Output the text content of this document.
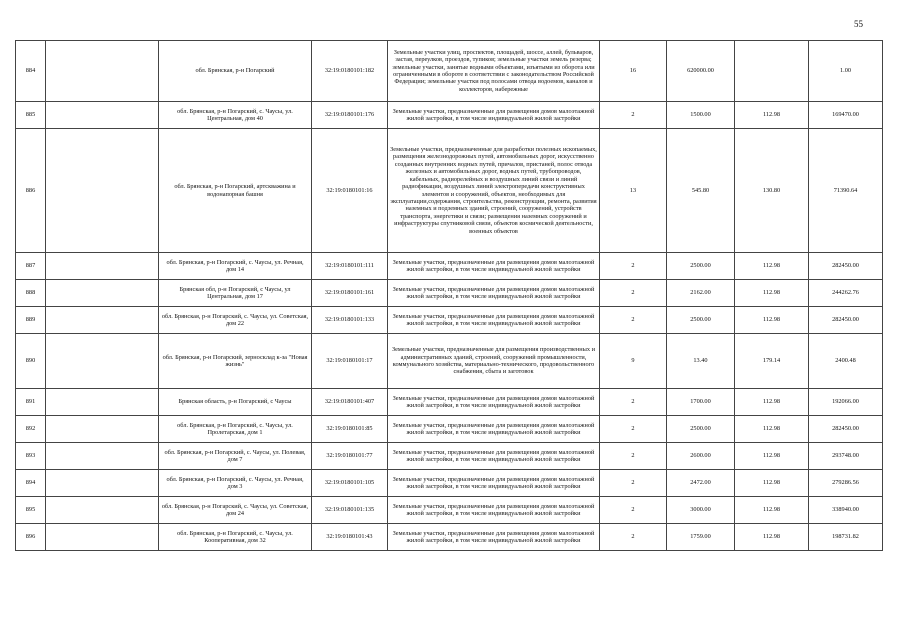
55
884		обл. Брянская, р-н Погарский	32:19:0180101:182	Земельные участки улиц, проспектов, площадей, шоссе, аллей, бульваров, застав, переулков, проездов, тупиков; земельные участки земель резерва; земельные участки, занятые водными объектами, изъятыми из оборота или ограниченными в обороте в соответствии с законодательством Российской Федерации; земельные участки под полосами отвода водоемов, каналов и коллекторов, набережные	16	620000.00		1.00
885		обл. Брянская, р-н Погарский, с. Чаусы, ул. Центральная, дом 40	32:19:0180101:176	Земельные участки, предназначенные для размещения домов малоэтажной жилой застройки, в том числе индивидуальной жилой застройки	2	1500.00	112.98	169470.00
886		обл. Брянская, р-н Погарский, артскважина и водонапорная башня	32:19:0180101:16	Земельные участки, предназначенные для разработки полезных ископаемых, размещения железнодорожных путей, автомобильных дорог, искусственно созданных внутренних водных путей, причалов, пристаней, полос отвода железных и автомобильных дорог, водных путей, трубопроводов, кабельных, радиорелейных и воздушных линий связи и линий радиофикации, воздушных линий электропередачи конструктивных элементов и сооружений, объектов, необходимых для эксплуатации,содержания, строительства, реконструкции, ремонта, развития наземных и подземных зданий, строений, сооружений, устройств транспорта, энергетики и связи; размещения наземных сооружений и инфраструктуры спутниковой связи, объектов космической деятельности, военных объектов	13	545.80	130.80	71390.64
887		обл. Брянская, р-н Погарский, с. Чаусы, ул. Речная, дом 14	32:19:0180101:111	Земельные участки, предназначенные для размещения домов малоэтажной жилой застройки, в том числе индивидуальной жилой застройки	2	2500.00	112.98	282450.00
888		Брянская обл, р-н Погарский, с Чаусы, ул Центральная, дом 17	32:19:0180101:161	Земельные участки, предназначенные для размещения домов малоэтажной жилой застройки, в том числе индивидуальной жилой застройки	2	2162.00	112.98	244262.76
889		обл. Брянская, р-н Погарский, с. Чаусы, ул. Советская, дом 22	32:19:0180101:133	Земельные участки, предназначенные для размещения домов малоэтажной жилой застройки, в том числе индивидуальной жилой застройки	2	2500.00	112.98	282450.00
890		обл. Брянская, р-н Погарский, зерносклад к-за "Новая жизнь"	32:19:0180101:17	Земельные участки, предназначенные для размещения производственных и административных зданий, строений, сооружений промышленности, коммунального хозяйства, материально-технического, продовольственного снабжения, сбыта и заготовок	9	13.40	179.14	2400.48
891		Брянская область, р-н Погарский, с Чаусы	32:19:0180101:407	Земельные участки, предназначенные для размещения домов малоэтажной жилой застройки, в том числе индивидуальной жилой застройки	2	1700.00	112.98	192066.00
892		обл. Брянская, р-н Погарский, с. Чаусы, ул. Пролетарская, дом 1	32:19:0180101:85	Земельные участки, предназначенные для размещения домов малоэтажной жилой застройки, в том числе индивидуальной жилой застройки	2	2500.00	112.98	282450.00
893		обл. Брянская, р-н Погарский, с. Чаусы, ул. Полевая, дом 7	32:19:0180101:77	Земельные участки, предназначенные для размещения домов малоэтажной жилой застройки, в том числе индивидуальной жилой застройки	2	2600.00	112.98	293748.00
894		обл. Брянская, р-н Погарский, с. Чаусы, ул. Речная, дом 3	32:19:0180101:105	Земельные участки, предназначенные для размещения домов малоэтажной жилой застройки, в том числе индивидуальной жилой застройки	2	2472.00	112.98	279286.56
895		обл. Брянская, р-н Погарский, с. Чаусы, ул. Советская, дом 24	32:19:0180101:135	Земельные участки, предназначенные для размещения домов малоэтажной жилой застройки, в том числе индивидуальной жилой застройки	2	3000.00	112.98	338940.00
896		обл. Брянская, р-н Погарский, с. Чаусы, ул. Кооперативная, дом 32	32:19:0180101:43	Земельные участки, предназначенные для размещения домов малоэтажной жилой застройки, в том числе индивидуальной жилой застройки	2	1759.00	112.98	198731.82
